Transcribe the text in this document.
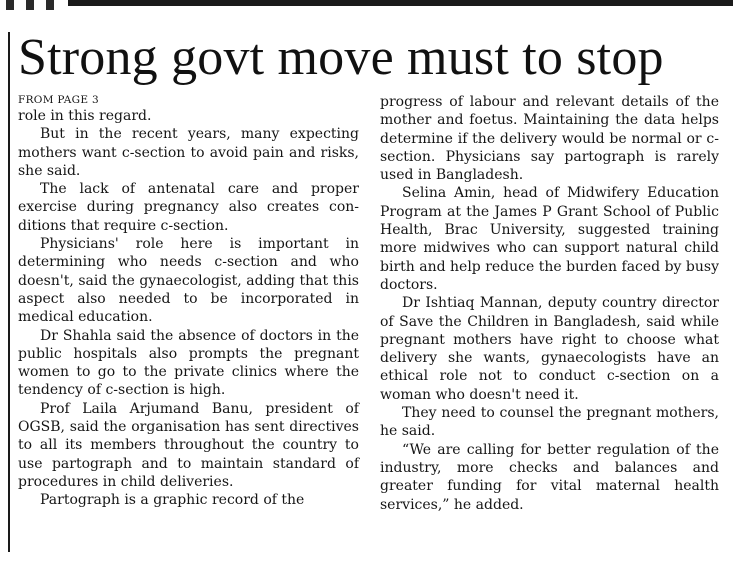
Strong govt move must to stop
FROM PAGE 3

role in this regard.

But in the recent years, many expecting mothers want c-section to avoid pain and risks, she said.

The lack of antenatal care and proper exercise during pregnancy also creates conditions that require c-section.

Physicians' role here is important in determining who needs c-section and who doesn't, said the gynaecologist, adding that this aspect also needed to be incorporated in medical education.

Dr Shahla said the absence of doctors in the public hospitals also prompts the pregnant women to go to the private clinics where the tendency of c-section is high.

Prof Laila Arjumand Banu, president of OGSB, said the organisation has sent directives to all its members throughout the country to use partograph and to maintain standard of procedures in child deliveries.

Partograph is a graphic record of the

progress of labour and relevant details of the mother and foetus. Maintaining the data helps determine if the delivery would be normal or c-section. Physicians say partograph is rarely used in Bangladesh.

Selina Amin, head of Midwifery Education Program at the James P Grant School of Public Health, Brac University, suggested training more midwives who can support natural child birth and help reduce the burden faced by busy doctors.

Dr Ishtiaq Mannan, deputy country director of Save the Children in Bangladesh, said while pregnant mothers have right to choose what delivery she wants, gynaecologists have an ethical role not to conduct c-section on a woman who doesn't need it.

They need to counsel the pregnant mothers, he said.

“We are calling for better regulation of the industry, more checks and balances and greater funding for vital maternal health services,” he added.
